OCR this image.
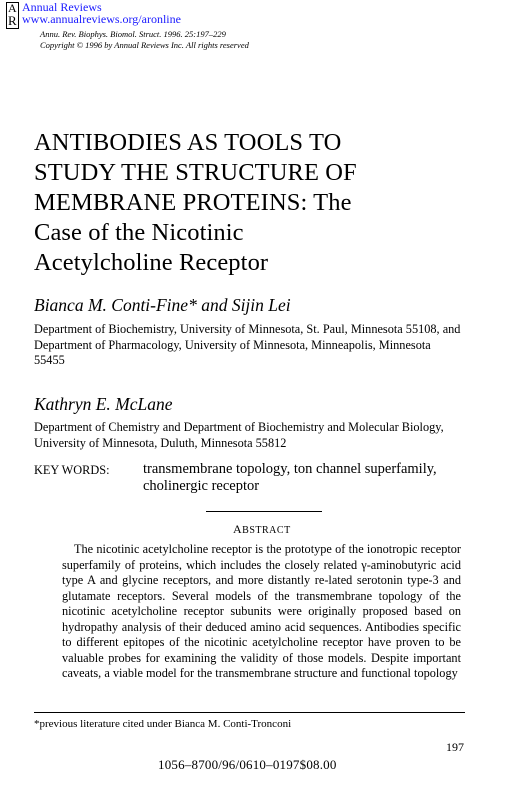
A
R
Annual Reviews
www.annualreviews.org/aronline
Annu. Rev. Biophys. Biomol. Struct. 1996. 25:197–229
Copyright © 1996 by Annual Reviews Inc. All rights reserved
ANTIBODIES AS TOOLS TO
STUDY THE STRUCTURE OF
MEMBRANE PROTEINS: The
Case of the Nicotinic
Acetylcholine Receptor
Bianca M. Conti-Fine* and Sijin Lei
Department of Biochemistry, University of Minnesota, St. Paul, Minnesota 55108, and Department of Pharmacology, University of Minnesota, Minneapolis, Minnesota 55455
Kathryn E. McLane
Department of Chemistry and Department of Biochemistry and Molecular Biology, University of Minnesota, Duluth, Minnesota 55812
KEY WORDS: transmembrane topology, ton channel superfamily, cholinergic receptor
ABSTRACT
The nicotinic acetylcholine receptor is the prototype of the ionotropic receptor superfamily of proteins, which includes the closely related γ-aminobutyric acid type A and glycine receptors, and more distantly re-lated serotonin type-3 and glutamate receptors. Several models of the transmembrane topology of the nicotinic acetylcholine receptor subunits were originally proposed based on hydropathy analysis of their deduced amino acid sequences. Antibodies specific to different epitopes of the nicotinic acetylcholine receptor have proven to be valuable probes for examining the validity of those models. Despite important caveats, a viable model for the transmembrane structure and functional topology
*previous literature cited under Bianca M. Conti-Tronconi
197
1056–8700/96/0610–0197$08.00
